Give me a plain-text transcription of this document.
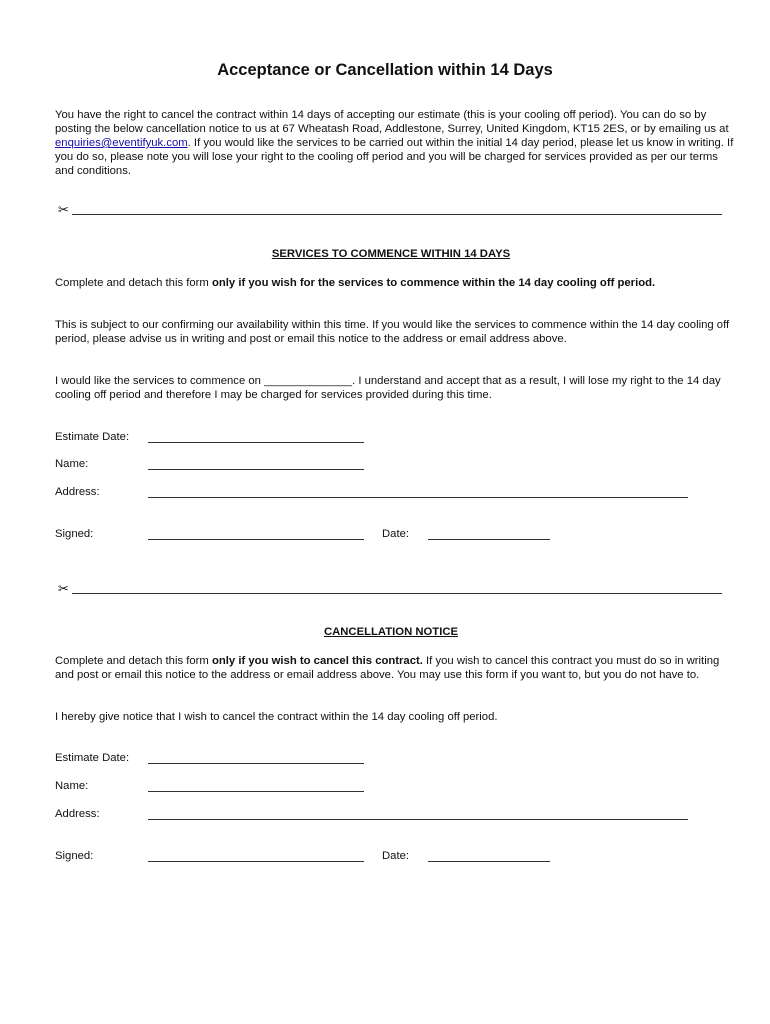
Acceptance or Cancellation within 14 Days
You have the right to cancel the contract within 14 days of accepting our estimate (this is your cooling off period). You can do so by posting the below cancellation notice to us at 67 Wheatash Road, Addlestone, Surrey, United Kingdom, KT15 2ES, or by emailing us at enquiries@eventifyuk.com. If you would like the services to be carried out within the initial 14 day period, please let us know in writing. If you do so, please note you will lose your right to the cooling off period and you will be charged for services provided as per our terms and conditions.
✂
SERVICES TO COMMENCE WITHIN 14 DAYS
Complete and detach this form only if you wish for the services to commence within the 14 day cooling off period.
This is subject to our confirming our availability within this time. If you would like the services to commence within the 14 day cooling off period, please advise us in writing and post or email this notice to the address or email address above.
I would like the services to commence on ______________. I understand and accept that as a result, I will lose my right to the 14 day cooling off period and therefore I may be charged for services provided during this time.
Estimate Date:
Name:
Address:
Signed:	Date:
✂
CANCELLATION NOTICE
Complete and detach this form only if you wish to cancel this contract. If you wish to cancel this contract you must do so in writing and post or email this notice to the address or email address above. You may use this form if you want to, but you do not have to.
I hereby give notice that I wish to cancel the contract within the 14 day cooling off period.
Estimate Date:
Name:
Address:
Signed:	Date:
